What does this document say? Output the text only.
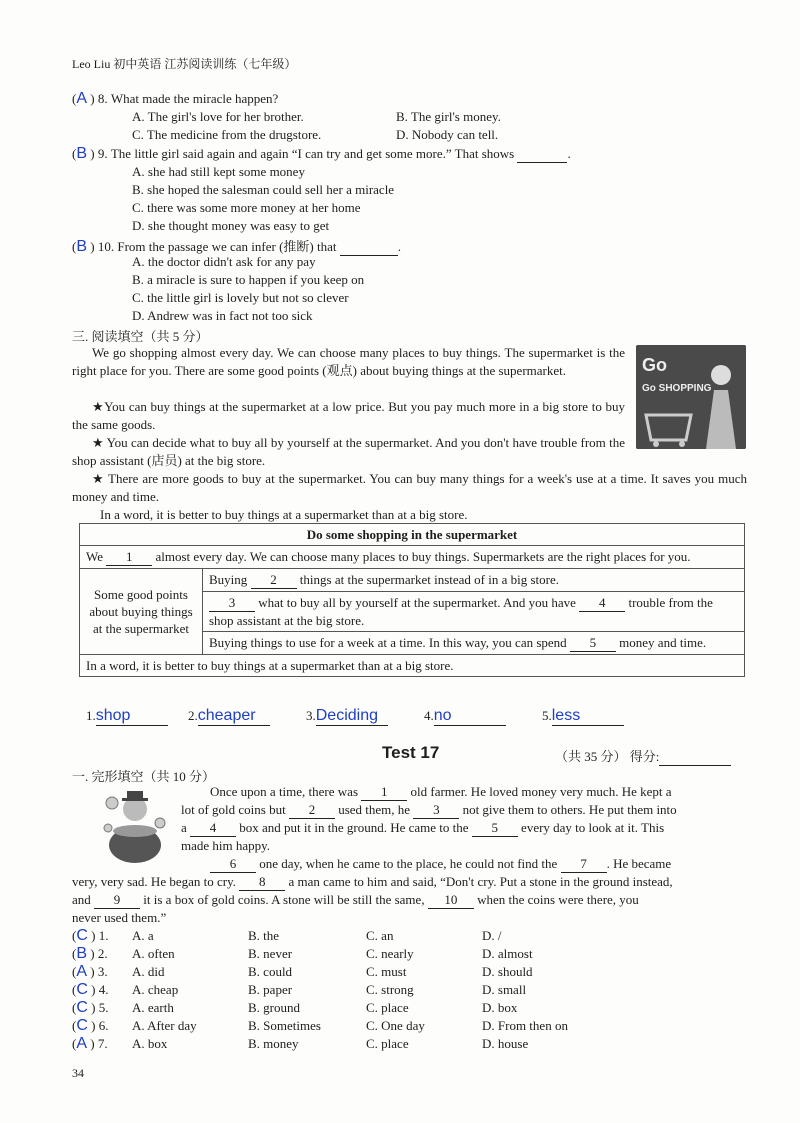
Leo Liu 初中英语 江苏阅读训练（七年级）
(A ) 8. What made the miracle happen?
A. The girl's love for her brother.	B. The girl's money.
C. The medicine from the drugstore.	D. Nobody can tell.
(B ) 9. The little girl said again and again “I can try and get some more.” That shows	.
A. she had still kept some money
B. she hoped the salesman could sell her a miracle
C. there was some more money at her home
D. she thought money was easy to get
(B ) 10. From the passage we can infer (推断) that	.
A. the doctor didn't ask for any pay
B. a miracle is sure to happen if you keep on
C. the little girl is lovely but not so clever
D. Andrew was in fact not too sick
三. 阅读填空（共 5 分）

We go shopping almost every day. We can choose many places to buy things. The supermarket is the right place for you. There are some good points (观点) about buying things at the supermarket.	Go
Go SHOPPING

★You can buy things at the supermarket at a low price. But you pay much more in a big store to buy the same goods.

★ You can decide what to buy all by yourself at the supermarket. And you don't have trouble from the shop assistant (店员) at the big store.

★ There are more goods to buy at the supermarket. You can buy many things for a week's use at a time. It saves you much money and time.

In a word, it is better to buy things at a supermarket than at a big store.
Do some shopping in the supermarket
We 1 almost every day. We can choose many places to buy things. Supermarkets are the right places for you.
Some good points about buying things at the supermarket	Buying 2 things at the supermarket instead of in a big store.
3 what to buy all by yourself at the supermarket. And you have 4 trouble from the shop assistant at the big store.
Buying things to use for a week at a time. In this way, you can spend 5 money and time.
In a word, it is better to buy things at a supermarket than at a big store.
1.shop	2.cheaper	3.Deciding	4.no	5.less
Test 17	（共 35 分） 得分:
一. 完形填空（共 10 分）
Once upon a time, there was 1 old farmer. He loved money very much. He kept a
lot of gold coins but 2 used them, he 3 not give them to others. He put them into
a 4 box and put it in the ground. He came to the 5 every day to look at it. This
made him happy.
6 one day, when he came to the place, he could not find the 7 . He became
very, very sad. He began to cry. 8 a man came to him and said, “Don't cry. Put a stone in the ground instead,
and 9 it is a box of gold coins. A stone will be still the same, 10 when the coins were there, you
never used them.”
(C ) 1. A. a	B. the	C. an	D. /
(B ) 2. A. often	B. never	C. nearly	D. almost
(A ) 3. A. did	B. could	C. must	D. should
(C ) 4. A. cheap	B. paper	C. strong	D. small
(C ) 5. A. earth	B. ground	C. place	D. box
(C ) 6. A. After day	B. Sometimes	C. One day	D. From then on
(A ) 7. A. box	B. money	C. place	D. house
34
